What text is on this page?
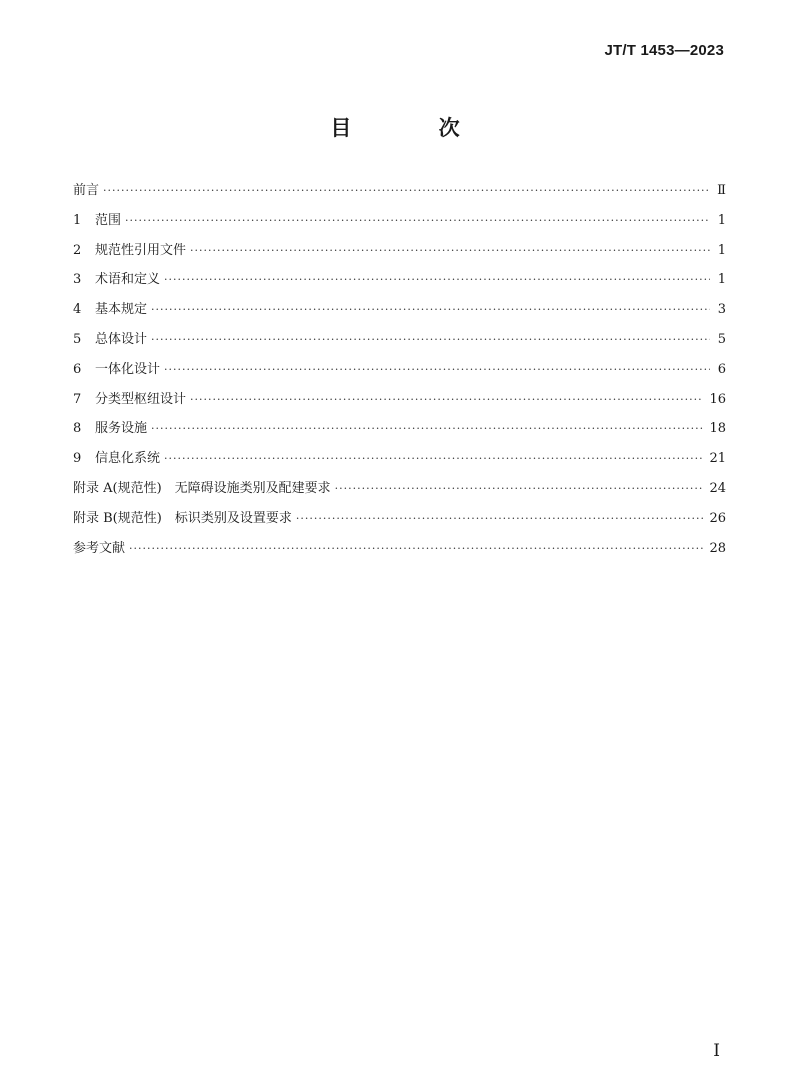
JT/T 1453—2023
目 次
前言 ·····	Ⅱ
1	范围 ·····	1
2	规范性引用文件 ·····	1
3	术语和定义 ·····	1
4	基本规定 ·····	3
5	总体设计 ·····	5
6	一体化设计 ·····	6
7	分类型枢纽设计 ·····	16
8	服务设施 ·····	18
9	信息化系统 ·····	21
附录 A(规范性)　无障碍设施类别及配建要求 ·····	24
附录 B(规范性)　标识类别及设置要求 ·····	26
参考文献 ·····	28
I
